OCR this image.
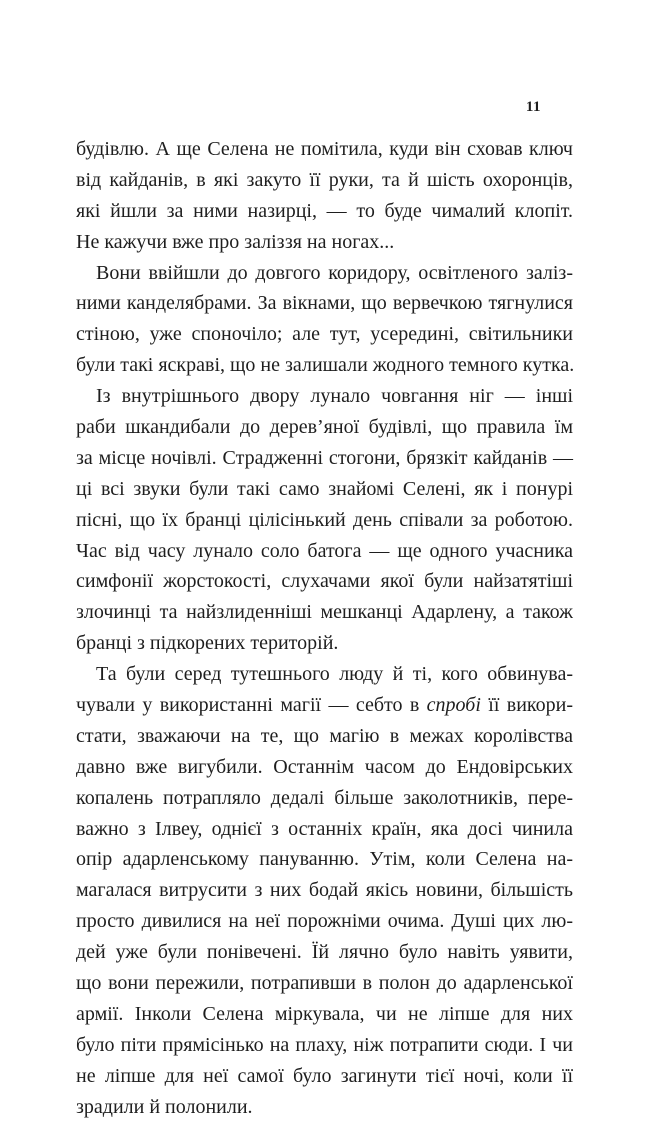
11
будівлю. А ще Селена не помітила, куди він сховав ключ
від кайданів, в які закуто її руки, та й шість охоронців,
які йшли за ними назирці, — то буде чималий клопіт.
Не кажучи вже про заліззя на ногах...
Вони ввійшли до довгого коридору, освітленого заліз-
ними канделябрами. За вікнами, що вервечкою тягнулися
стіною, уже споночіло; але тут, усередині, світильники
були такі яскраві, що не залишали жодного темного кутка.
Із внутрішнього двору лунало човгання ніг — інші
раби шкандибали до дерев’яної будівлі, що правила їм
за місце ночівлі. Страдженні стогони, брязкіт кайданів —
ці всі звуки були такі само знайомі Селені, як і понурі
пісні, що їх бранці цілісінький день співали за роботою.
Час від часу лунало соло батога — ще одного учасника
симфонії жорстокості, слухачами якої були найзатятіші
злочинці та найзлиденніші мешканці Адарлену, а також
бранці з підкорених територій.
Та були серед тутешнього люду й ті, кого обвинува-
чували у використанні магії — себто в спробі її викори-
стати, зважаючи на те, що магію в межах королівства
давно вже вигубили. Останнім часом до Ендовірських
копалень потрапляло дедалі більше заколотників, пере-
важно з Ілвеу, однієї з останніх країн, яка досі чинила
опір адарленському пануванню. Утім, коли Селена на-
магалася витрусити з них бодай якісь новини, більшість
просто дивилися на неї порожніми очима. Душі цих лю-
дей уже були понівечені. Їй лячно було навіть уявити,
що вони пережили, потрапивши в полон до адарленської
армії. Інколи Селена міркувала, чи не ліпше для них
було піти прямісінько на плаху, ніж потрапити сюди. І чи
не ліпше для неї самої було загинути тієї ночі, коли її
зрадили й полонили.
